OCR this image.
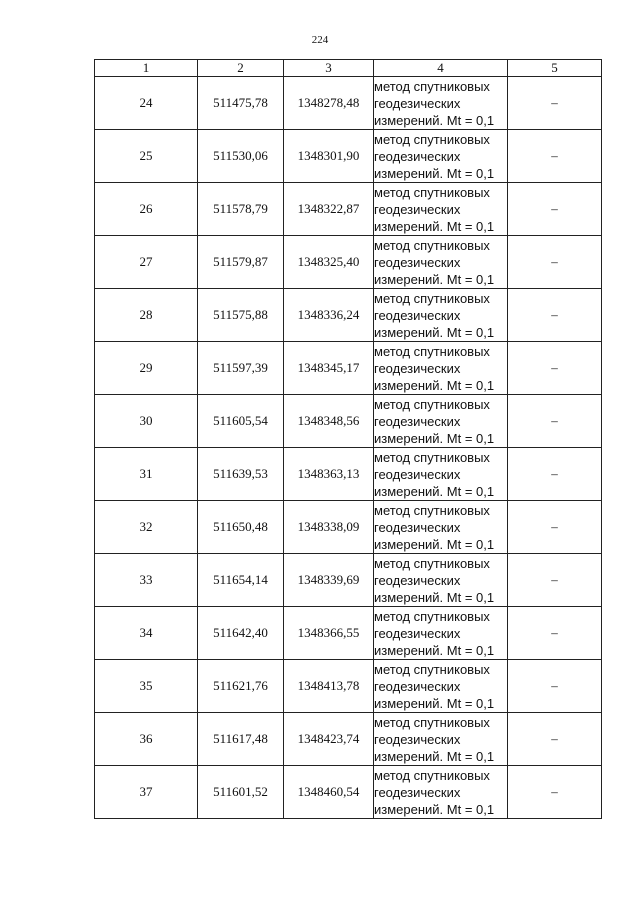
224
1	2	3	4	5
24	511475,78	1348278,48	метод спутниковых
геодезических
измерений. Mt = 0,1	–
25	511530,06	1348301,90	метод спутниковых
геодезических
измерений. Mt = 0,1	–
26	511578,79	1348322,87	метод спутниковых
геодезических
измерений. Mt = 0,1	–
27	511579,87	1348325,40	метод спутниковых
геодезических
измерений. Mt = 0,1	–
28	511575,88	1348336,24	метод спутниковых
геодезических
измерений. Mt = 0,1	–
29	511597,39	1348345,17	метод спутниковых
геодезических
измерений. Mt = 0,1	–
30	511605,54	1348348,56	метод спутниковых
геодезических
измерений. Mt = 0,1	–
31	511639,53	1348363,13	метод спутниковых
геодезических
измерений. Mt = 0,1	–
32	511650,48	1348338,09	метод спутниковых
геодезических
измерений. Mt = 0,1	–
33	511654,14	1348339,69	метод спутниковых
геодезических
измерений. Mt = 0,1	–
34	511642,40	1348366,55	метод спутниковых
геодезических
измерений. Mt = 0,1	–
35	511621,76	1348413,78	метод спутниковых
геодезических
измерений. Mt = 0,1	–
36	511617,48	1348423,74	метод спутниковых
геодезических
измерений. Mt = 0,1	–
37	511601,52	1348460,54	метод спутниковых
геодезических
измерений. Mt = 0,1	–
